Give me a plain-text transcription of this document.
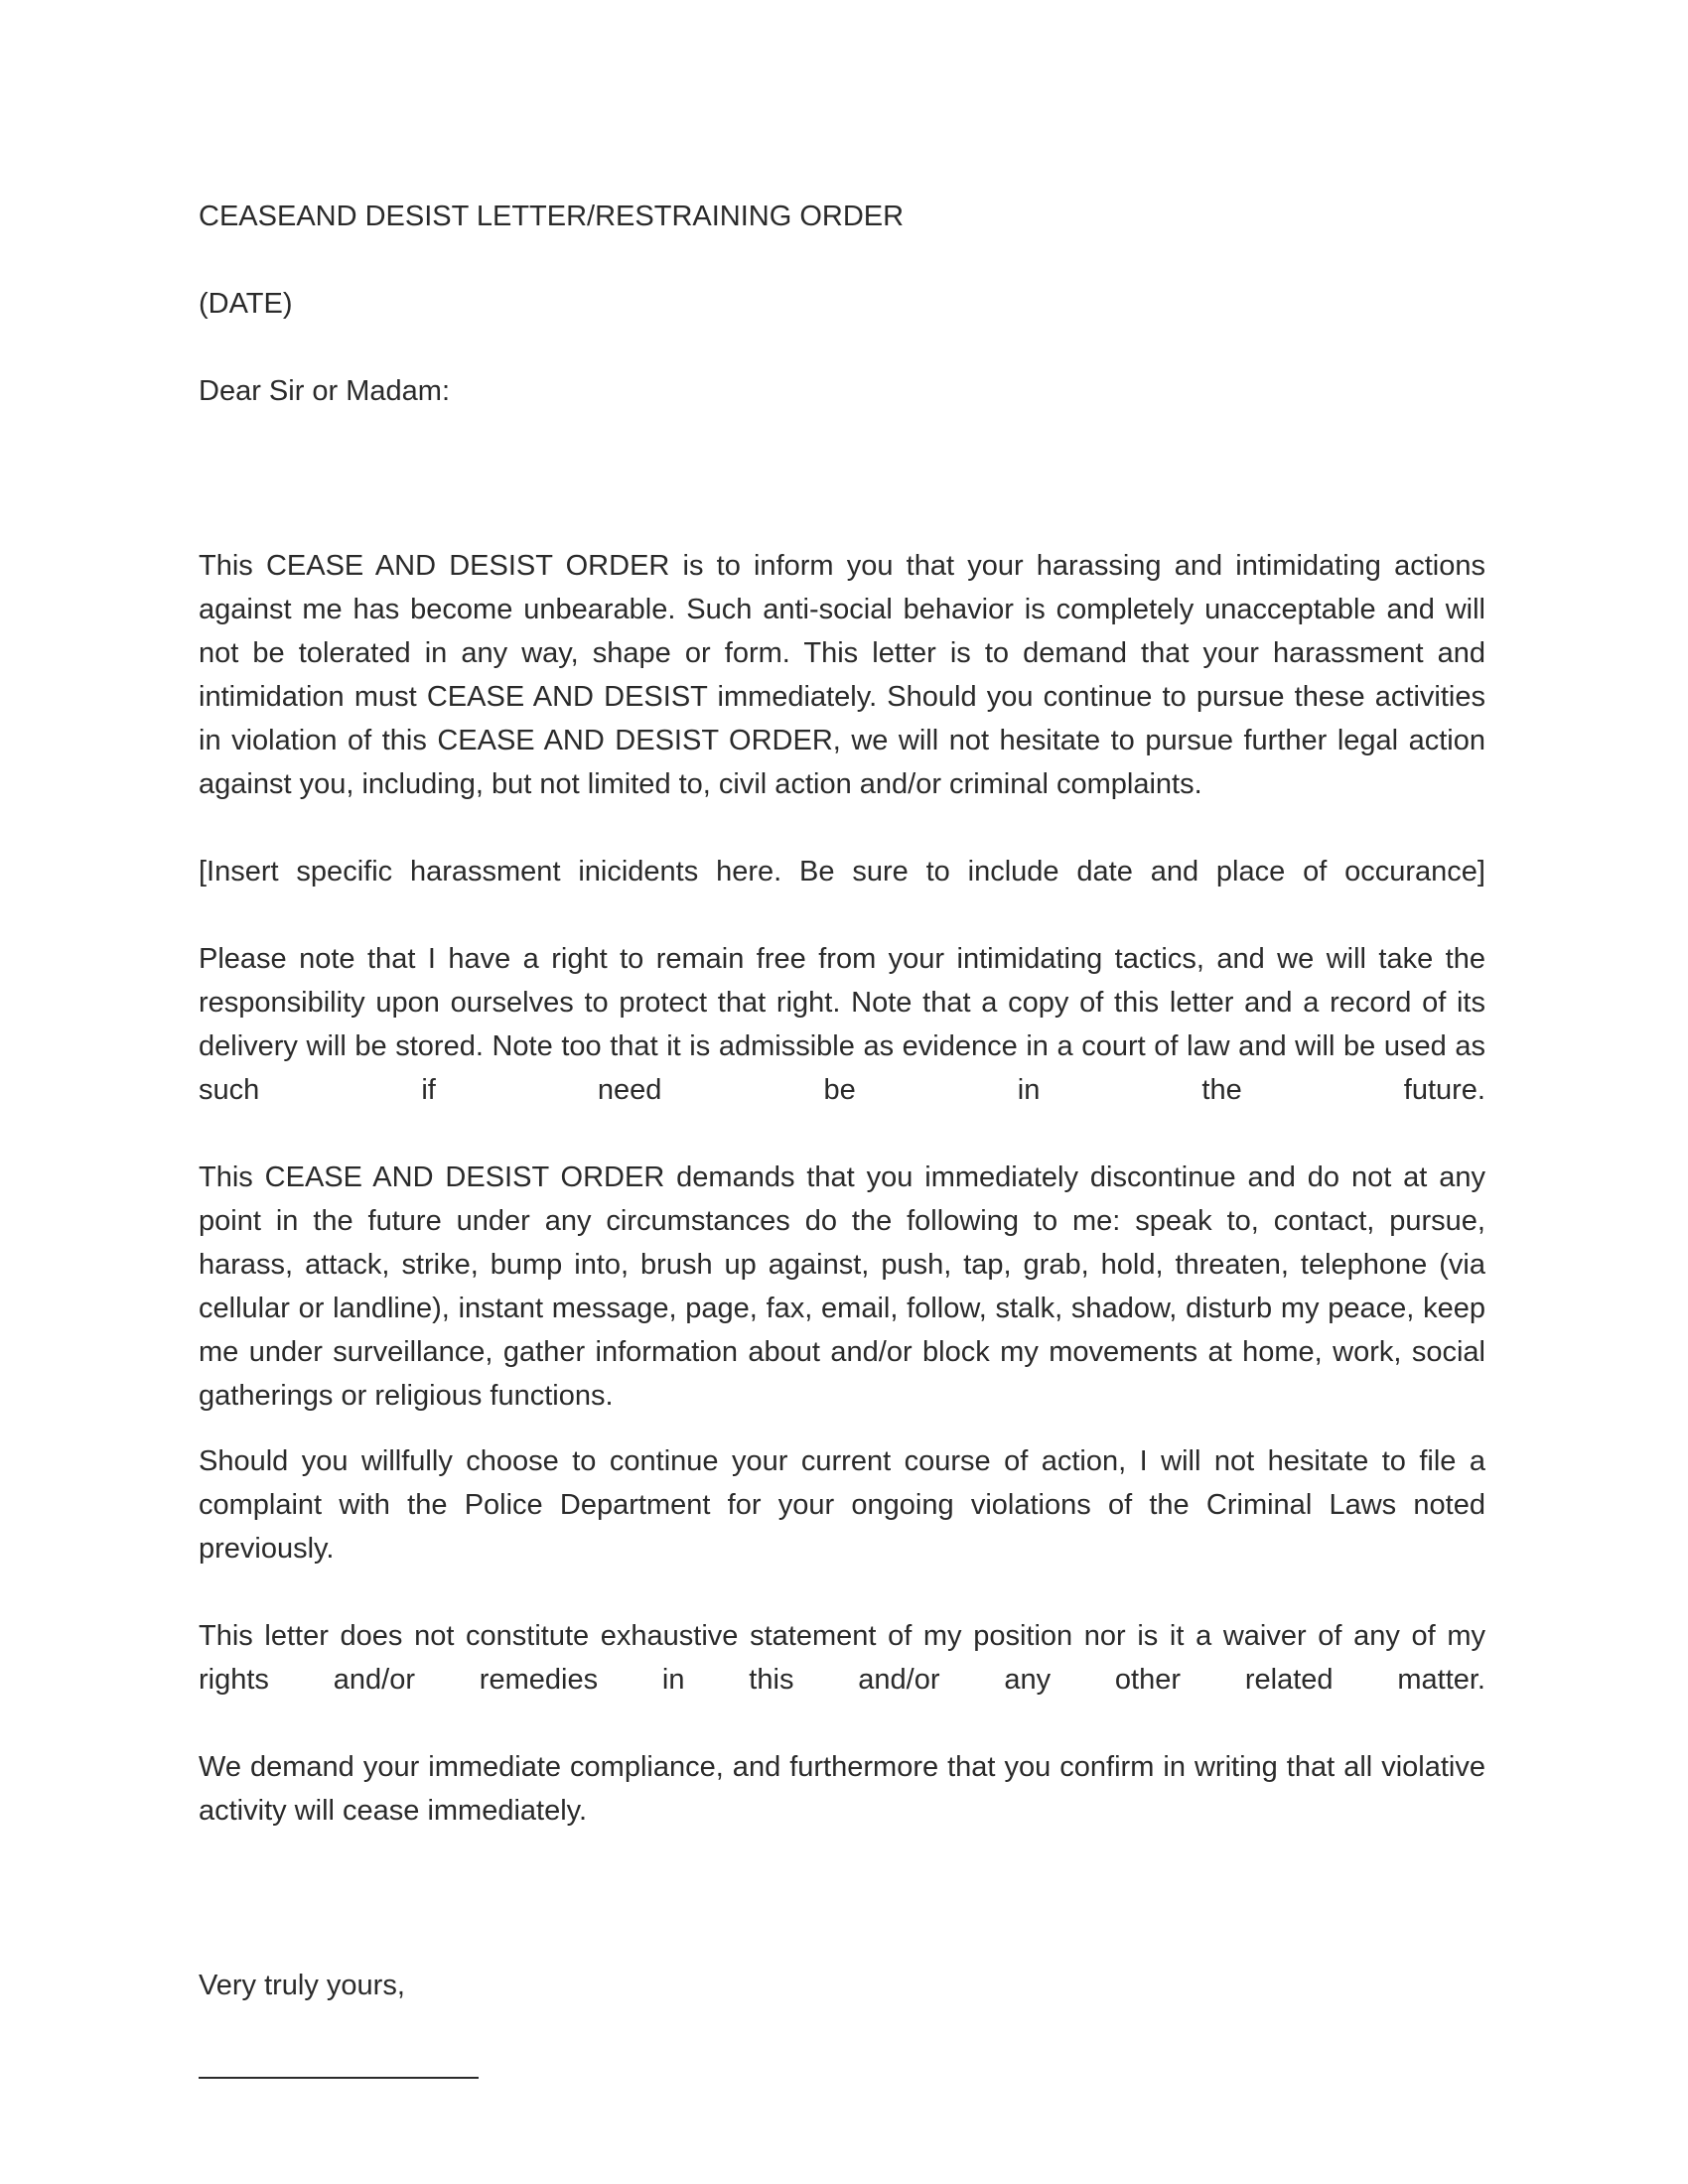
CEASEAND DESIST LETTER/RESTRAINING ORDER
(DATE)
Dear Sir or Madam:

This CEASE AND DESIST ORDER is to inform you that your harassing and intimidating actions against me has become unbearable. Such anti-social behavior is completely unacceptable and will not be tolerated in any way, shape or form. This letter is to demand that your harassment and intimidation must CEASE AND DESIST immediately. Should you continue to pursue these activities in violation of this CEASE AND DESIST ORDER, we will not hesitate to pursue further legal action against you, including, but not limited to, civil action and/or criminal complaints.

[Insert specific harassment inicidents here. Be sure to include date and place of occurance]

Please note that I have a right to remain free from your intimidating tactics, and we will take the responsibility upon ourselves to protect that right. Note that a copy of this letter and a record of its delivery will be stored. Note too that it is admissible as evidence in a court of law and will be used as such if need be in the future.

This CEASE AND DESIST ORDER demands that you immediately discontinue and do not at any point in the future under any circumstances do the following to me: speak to, contact, pursue, harass, attack, strike, bump into, brush up against, push, tap, grab, hold, threaten, telephone (via cellular or landline), instant message, page, fax, email, follow, stalk, shadow, disturb my peace, keep me under surveillance, gather information about and/or block my movements at home, work, social gatherings or religious functions.

Should you willfully choose to continue your current course of action, I will not hesitate to file a complaint with the Police Department for your ongoing violations of the Criminal Laws noted previously.

This letter does not constitute exhaustive statement of my position nor is it a waiver of any of my rights and/or remedies in this and/or any other related matter.

We demand your immediate compliance, and furthermore that you confirm in writing that all violative activity will cease immediately.

Very truly yours,
